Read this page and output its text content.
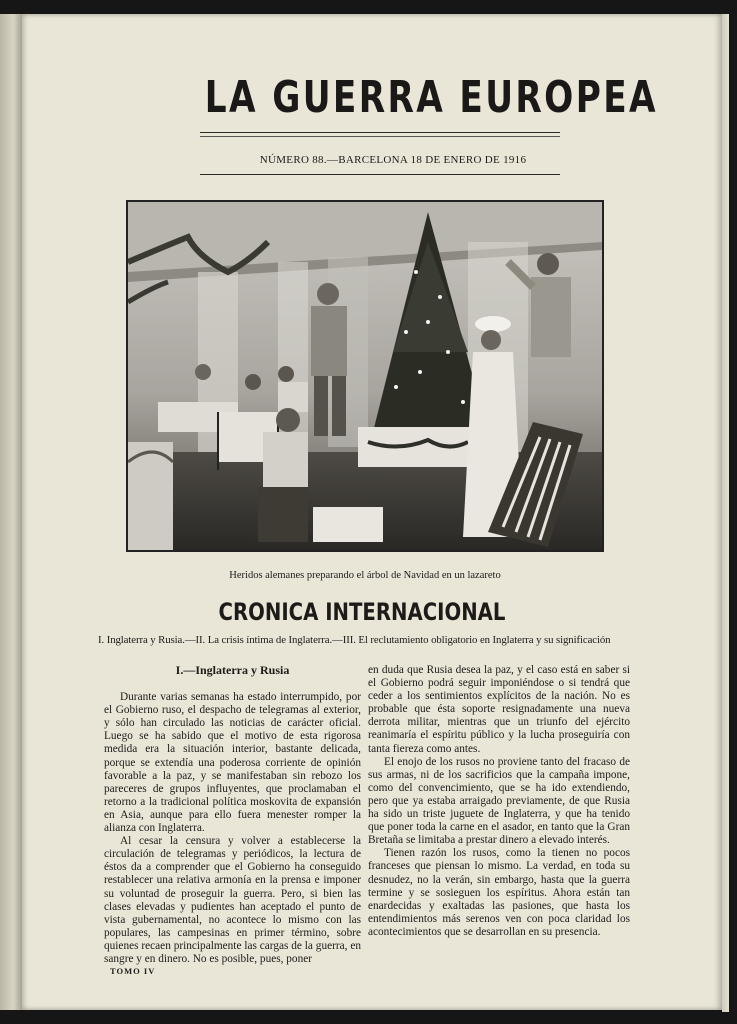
LA GUERRA EUROPEA
NÚMERO 88.—BARCELONA 18 DE ENERO DE 1916
Heridos alemanes preparando el árbol de Navidad en un lazareto
CRONICA INTERNACIONAL
I. Inglaterra y Rusia.—II. La crisis íntima de Inglaterra.—III. El reclutamiento obligatorio en Inglaterra y su significación

I.—Inglaterra y Rusia

Durante varias semanas ha estado interrumpido, por el Gobierno ruso, el despacho de telegramas al exterior, y sólo han circulado las noticias de carácter oficial. Luego se ha sabido que el motivo de esta rigorosa medida era la situación interior, bastante delicada, porque se extendía una poderosa corriente de opinión favorable a la paz, y se manifestaban sin rebozo los pareceres de grupos influyentes, que proclamaban el retorno a la tradicional política moskovita de expansión en Asia, aunque para ello fuera menester romper la alianza con Inglaterra.

Al cesar la censura y volver a establecerse la circulación de telegramas y periódicos, la lectura de éstos da a comprender que el Gobierno ha conseguido restablecer una relativa armonía en la prensa e imponer su voluntad de proseguir la guerra. Pero, si bien las clases elevadas y pudientes han aceptado el punto de vista gubernamental, no acontece lo mismo con las populares, las campesinas en primer término, sobre quienes recaen principalmente las cargas de la guerra, en sangre y en dinero. No es posible, pues, poner

en duda que Rusia desea la paz, y el caso está en saber si el Gobierno podrá seguir imponiéndose o si tendrá que ceder a los sentimientos explícitos de la nación. No es probable que ésta soporte resignadamente una nueva derrota militar, mientras que un triunfo del ejército reanimaría el espíritu público y la lucha proseguiría con tanta fiereza como antes.

El enojo de los rusos no proviene tanto del fracaso de sus armas, ni de los sacrificios que la campaña impone, como del convencimiento, que se ha ido extendiendo, pero que ya estaba arraigado previamente, de que Rusia ha sido un triste juguete de Inglaterra, y que ha tenido que poner toda la carne en el asador, en tanto que la Gran Bretaña se limitaba a prestar dinero a elevado interés.

Tienen razón los rusos, como la tienen no pocos franceses que piensan lo mismo. La verdad, en toda su desnudez, no la verán, sin embargo, hasta que la guerra termine y se sosieguen los espíritus. Ahora están tan enardecidas y exaltadas las pasiones, que hasta los entendimientos más serenos ven con poca claridad los acontecimientos que se desarrollan en su presencia.

TOMO IV
